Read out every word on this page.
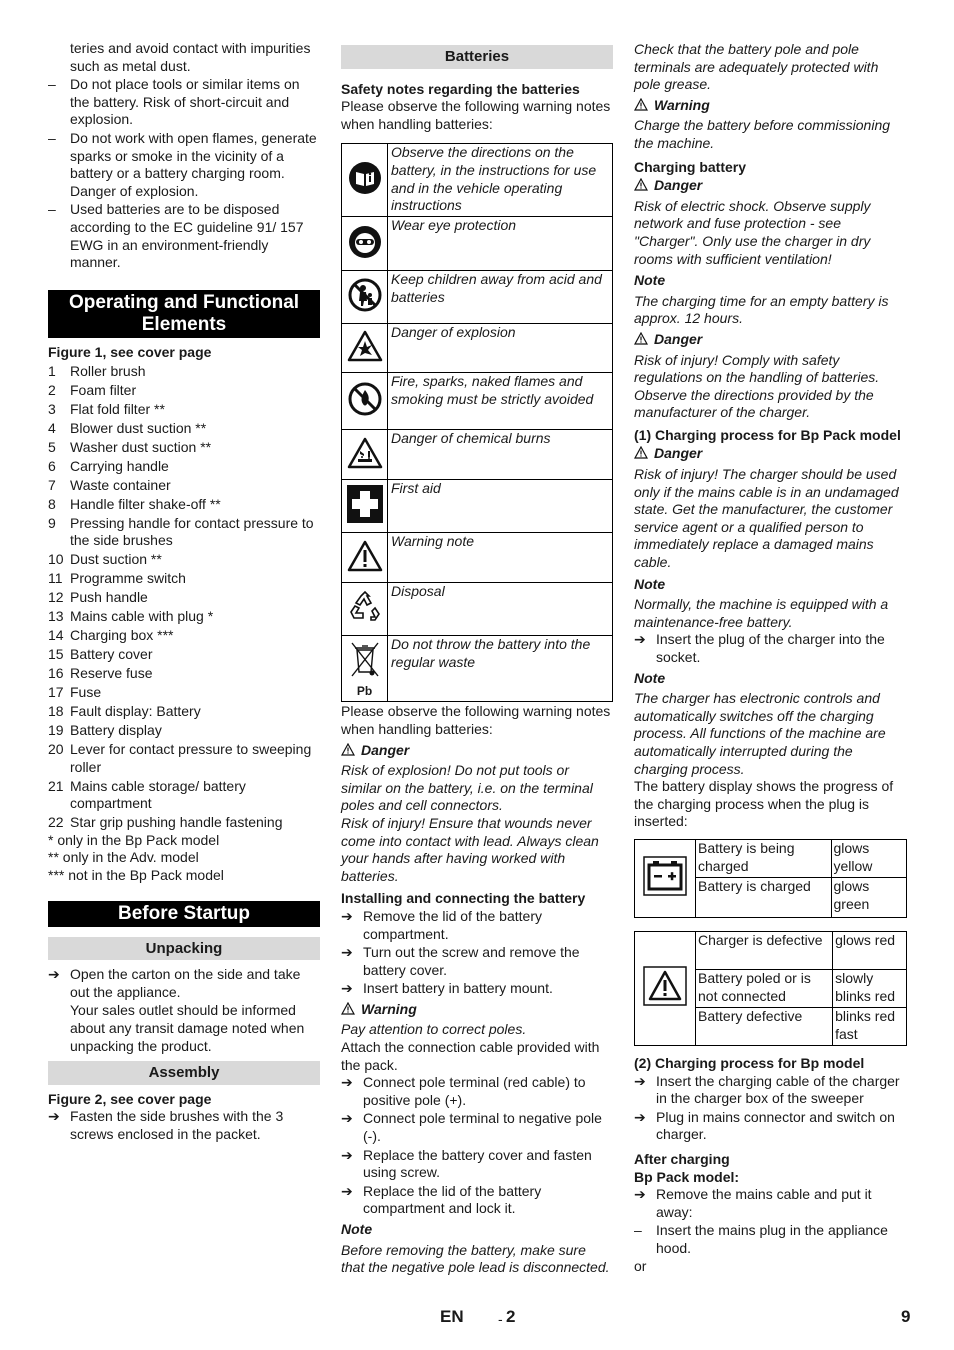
teries and avoid contact with impurities such as metal dust.

– Do not place tools or similar items on the battery. Risk of short-circuit and explosion.

– Do not work with open flames, generate sparks or smoke in the vicinity of a battery or a battery charging room. Danger of explosion.

– Used batteries are to be disposed according to the EC guideline 91/ 157 EWG in an environment-friendly manner.

Operating and Functional Elements

Figure 1, see cover page

1 Roller brush
2 Foam filter
3 Flat fold filter **
4 Blower dust suction **
5 Washer dust suction **
6 Carrying handle
7 Waste container
8 Handle filter shake-off **
9 Pressing handle for contact pressure to the side brushes
10 Dust suction **
11 Programme switch
12 Push handle
13 Mains cable with plug *
14 Charging box ***
15 Battery cover
16 Reserve fuse
17 Fuse
18 Fault display: Battery
19 Battery display
20 Lever for contact pressure to sweeping roller
21 Mains cable storage/ battery compartment
22 Star grip pushing handle fastening

* only in the Bp Pack model

** only in the Adv. model

*** not in the Bp Pack model

Before Startup
Unpacking

➔ Open the carton on the side and take out the appliance.

Your sales outlet should be informed about any transit damage noted when unpacking the product.

Assembly

Figure 2, see cover page

➔ Fasten the side brushes with the 3 screws enclosed in the packet.

Batteries

Safety notes regarding the batteries

Please observe the following warning notes when handling batteries:

	Observe the directions on the battery, in the instructions for use and in the vehicle operating instructions
	Wear eye protection
	Keep children away from acid and batteries
	Danger of explosion
	Fire, sparks, naked flames and smoking must be strictly avoided
	Danger of chemical burns
	First aid
	Warning note
	Disposal

Pb	Do not throw the battery into the regular waste

Please observe the following warning notes when handling batteries:

Danger

Risk of explosion! Do not put tools or similar on the battery, i.e. on the terminal poles and cell connectors.

Risk of injury! Ensure that wounds never come into contact with lead. Always clean your hands after having worked with batteries.

Installing and connecting the battery

➔ Remove the lid of the battery compartment.

➔ Turn out the screw and remove the battery cover.

➔ Insert battery in battery mount.

Warning

Pay attention to correct poles.

Attach the connection cable provided with the pack.

➔ Connect pole terminal (red cable) to positive pole (+).

➔ Connect pole terminal to negative pole (-).

➔ Replace the battery cover and fasten using screw.

➔ Replace the lid of the battery compartment and lock it.

Note

Before removing the battery, make sure that the negative pole lead is disconnected.

Check that the battery pole and pole terminals are adequately protected with pole grease.

Warning

Charge the battery before commissioning the machine.

Charging battery

Danger

Risk of electric shock. Observe supply network and fuse protection - see "Charger". Only use the charger in dry rooms with sufficient ventilation!

Note

The charging time for an empty battery is approx. 12 hours.

Danger

Risk of injury! Comply with safety regulations on the handling of batteries. Observe the directions provided by the manufacturer of the charger.

(1) Charging process for Bp Pack model

Danger

Risk of injury! The charger should be used only if the mains cable is in an undamaged state. Get the manufacturer, the customer service agent or a qualified person to immediately replace a damaged mains cable.

Note

Normally, the machine is equipped with a maintenance-free battery.

➔ Insert the plug of the charger into the socket.

Note

The charger has electronic controls and automatically switches off the charging process. All functions of the machine are automatically interrupted during the charging process.

The battery display shows the progress of the charging process when the plug is inserted:

	Battery is being charged	glows yellow
	Battery is charged	glows green
	Charger is defective	glows red
	Battery poled or is not connected	slowly blinks red
	Battery defective	blinks red fast

(2) Charging process for Bp model

➔ Insert the charging cable of the charger in the charger box of the sweeper

➔ Plug in mains connector and switch on charger.

After charging

Bp Pack model:

➔ Remove the mains cable and put it away:

– Insert the mains plug in the appliance hood.

or

EN - 2	9
